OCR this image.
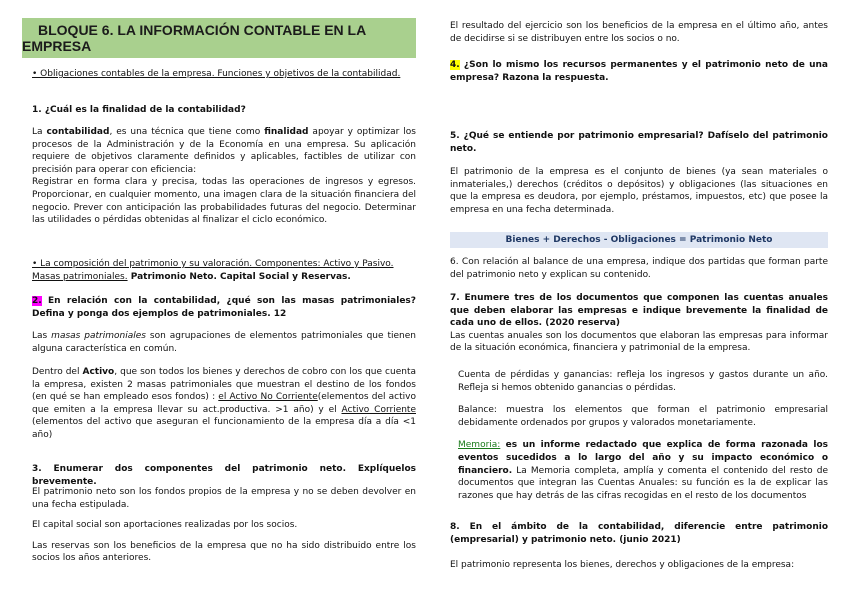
BLOQUE 6. LA INFORMACIÓN CONTABLE EN LA EMPRESA

• Obligaciones contables de la empresa. Funciones y objetivos de la contabilidad.

1. ¿Cuál es la finalidad de la contabilidad?

La contabilidad, es una técnica que tiene como finalidad apoyar y optimizar los procesos de la Administración y de la Economía en una empresa. Su aplicación requiere de objetivos claramente definidos y aplicables, factibles de utilizar con precisión para operar con eficiencia:

Registrar en forma clara y precisa, todas las operaciones de ingresos y egresos. Proporcionar, en cualquier momento, una imagen clara de la situación financiera del negocio. Prever con anticipación las probabilidades futuras del negocio. Determinar las utilidades o pérdidas obtenidas al finalizar el ciclo económico.

• La composición del patrimonio y su valoración. Componentes: Activo y Pasivo. Masas patrimoniales. Patrimonio Neto. Capital Social y Reservas.

2. En relación con la contabilidad, ¿qué son las masas patrimoniales? Defina y ponga dos ejemplos de patrimoniales. 12

Las masas patrimoniales son agrupaciones de elementos patrimoniales que tienen alguna característica en común.

Dentro del Activo, que son todos los bienes y derechos de cobro con los que cuenta la empresa, existen 2 masas patrimoniales que muestran el destino de los fondos (en qué se han empleado esos fondos) : el Activo No Corriente(elementos del activo que emiten a la empresa llevar su act.productiva. >1 año) y el Activo Corriente (elementos del activo que aseguran el funcionamiento de la empresa día a día <1 año)

3. Enumerar dos componentes del patrimonio neto. Explíquelos brevemente.

El patrimonio neto son los fondos propios de la empresa y no se deben devolver en una fecha estipulada.

El capital social son aportaciones realizadas por los socios.

Las reservas son los beneficios de la empresa que no ha sido distribuido entre los socios los años anteriores.

El resultado del ejercicio son los beneficios de la empresa en el último año, antes de decidirse si se distribuyen entre los socios o no.

4. ¿Son lo mismo los recursos permanentes y el patrimonio neto de una empresa? Razona la respuesta.

5. ¿Qué se entiende por patrimonio empresarial? Dafíselo del patrimonio neto.

El patrimonio de la empresa es el conjunto de bienes (ya sean materiales o inmateriales,) derechos (créditos o depósitos) y obligaciones (las situaciones en que la empresa es deudora, por ejemplo, préstamos, impuestos, etc) que posee la empresa en una fecha determinada.

Bienes + Derechos - Obligaciones = Patrimonio Neto

6. Con relación al balance de una empresa, indique dos partidas que forman parte del patrimonio neto y explican su contenido.

7. Enumere tres de los documentos que componen las cuentas anuales que deben elaborar las empresas e indique brevemente la finalidad de cada uno de ellos. (2020 reserva)

Las cuentas anuales son los documentos que elaboran las empresas para informar de la situación económica, financiera y patrimonial de la empresa.

Cuenta de pérdidas y ganancias: refleja los ingresos y gastos durante un año. Refleja si hemos obtenido ganancias o pérdidas.

Balance: muestra los elementos que forman el patrimonio empresarial debidamente ordenados por grupos y valorados monetariamente.

Memoria: es un informe redactado que explica de forma razonada los eventos sucedidos a lo largo del año y su impacto económico o financiero. La Memoria completa, amplía y comenta el contenido del resto de documentos que integran las Cuentas Anuales: su función es la de explicar las razones que hay detrás de las cifras recogidas en el resto de los documentos

8. En el ámbito de la contabilidad, diferencie entre patrimonio (empresarial) y patrimonio neto. (junio 2021)

El patrimonio representa los bienes, derechos y obligaciones de la empresa:
